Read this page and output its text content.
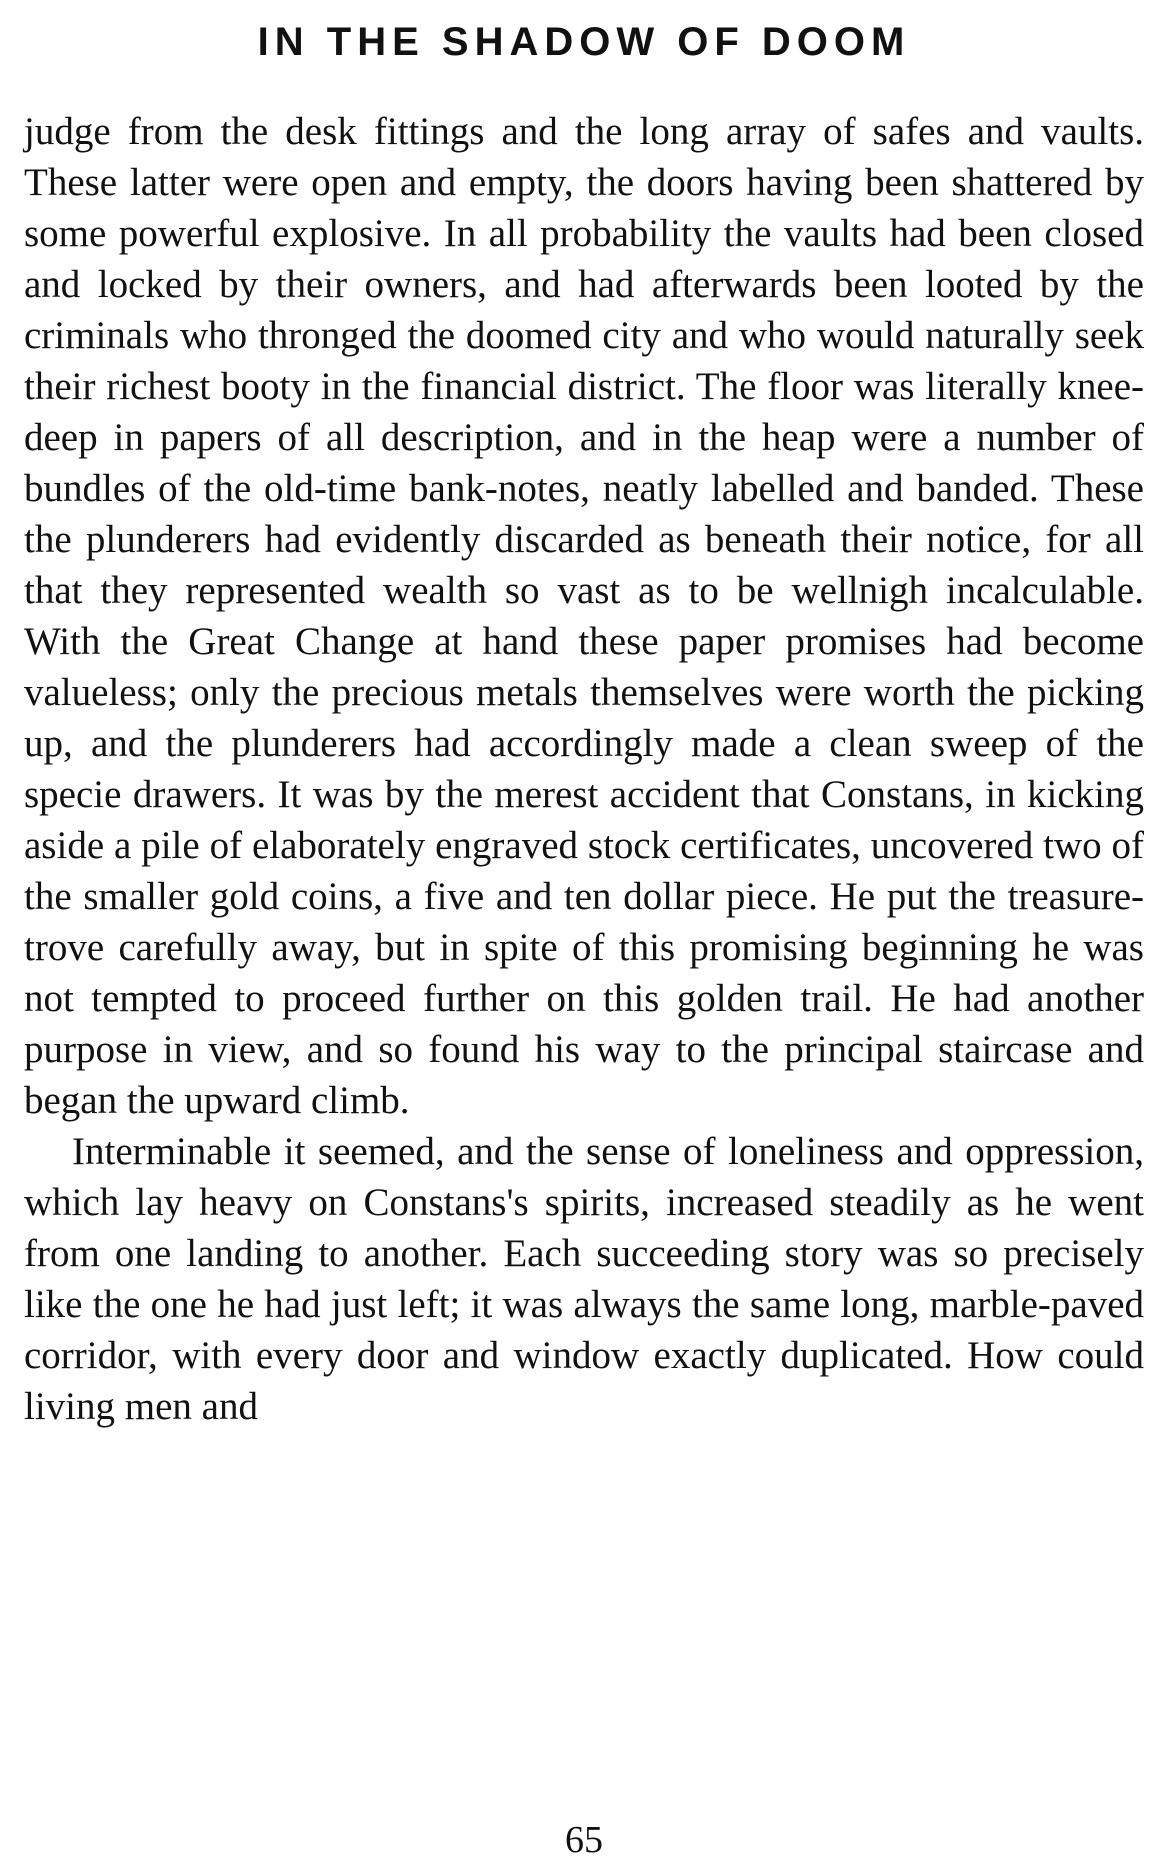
IN THE SHADOW OF DOOM

judge from the desk fittings and the long array of safes and vaults. These latter were open and empty, the doors having been shattered by some powerful explosive. In all probability the vaults had been closed and locked by their owners, and had afterwards been looted by the criminals who thronged the doomed city and who would naturally seek their richest booty in the financial district. The floor was literally knee-deep in papers of all description, and in the heap were a number of bundles of the old-time bank-notes, neatly labelled and banded. These the plunderers had evidently discarded as beneath their notice, for all that they represented wealth so vast as to be wellnigh incalculable. With the Great Change at hand these paper promises had become valueless; only the precious metals themselves were worth the picking up, and the plunderers had accordingly made a clean sweep of the specie drawers. It was by the merest accident that Constans, in kicking aside a pile of elaborately engraved stock certificates, uncovered two of the smaller gold coins, a five and ten dollar piece. He put the treasure-trove carefully away, but in spite of this promising beginning he was not tempted to proceed further on this golden trail. He had another purpose in view, and so found his way to the principal staircase and began the upward climb.

Interminable it seemed, and the sense of loneliness and oppression, which lay heavy on Constans's spirits, increased steadily as he went from one landing to another. Each succeeding story was so precisely like the one he had just left; it was always the same long, marble-paved corridor, with every door and window exactly duplicated. How could living men and

65
